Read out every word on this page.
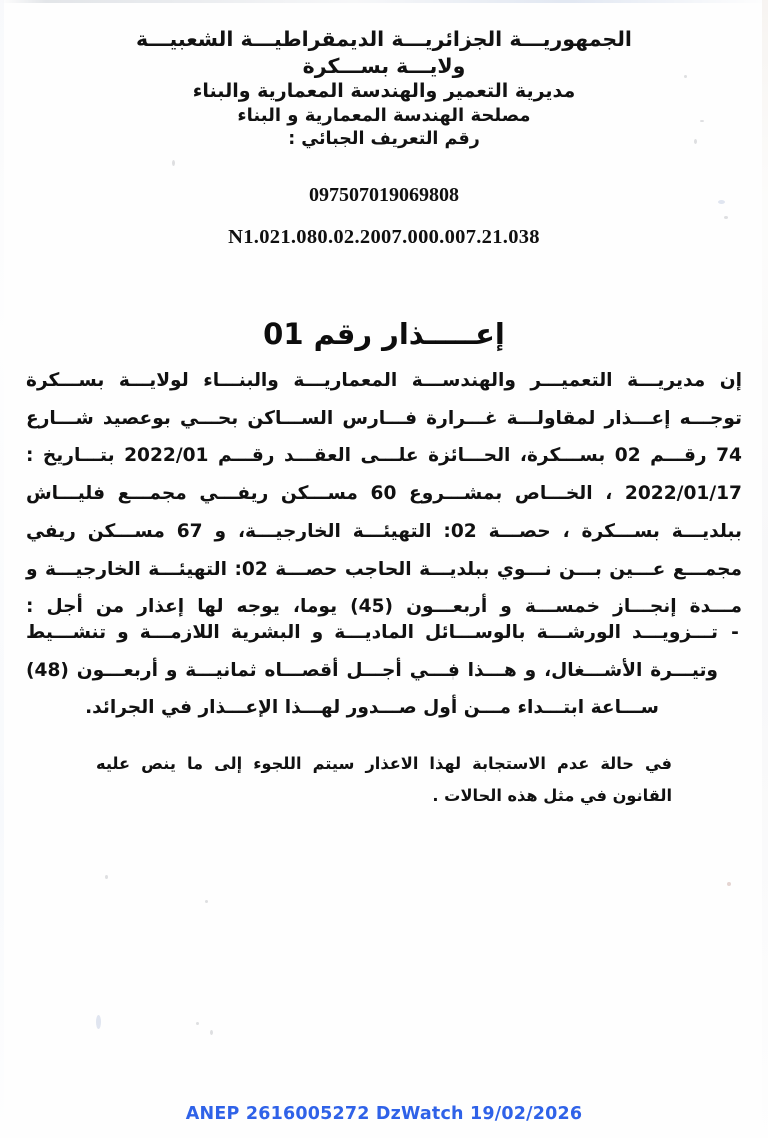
الجمهوريـــة الجزائريـــة الديمقراطيـــة الشعبيـــة
ولايـــة بســـكرة
مديرية التعمير والهندسة المعمارية والبناء
مصلحة الهندسة المعمارية و البناء
رقم التعريف الجبائي :
097507019069808
N1.021.080.02.2007.000.007.21.038
إعـــــذار رقم 01
إن مديريـــة التعميـــر والهندســـة المعماريـــة والبنـــاء لولايـــة بســـكرة توجـــه إعـــذار لمقاولـــة غـــرارة فـــارس الســـاكن بحـــي بوعصيد شـــارع 74 رقـــم 02 بســـكرة، الحـــائزة علـــى العقـــد رقـــم 2022/01 بتـــاريخ : 2022/01/17 ، الخـــاص بمشـــروع 60 مســـكن ريفـــي مجمـــع فليـــاش ببلديـــة بســـكرة ، حصـــة 02: التهيئـــة الخارجيـــة، و 67 مســـكن ريفي مجمـــع عـــين بـــن نـــوي ببلديـــة الحاجب حصـــة 02: التهيئـــة الخارجيـــة و مـــدة إنجـــاز خمســـة و أربعـــون (45) يوما، يوجه لها إعذار من أجل :
-
تـــزويـــد الورشـــة بالوســـائل الماديـــة و البشرية اللازمـــة و تنشـــيط وتيـــرة الأشـــغال، و هـــذا فـــي أجـــل أقصـــاه ثمانيـــة و أربعـــون (48) ســـاعة ابتـــداء مـــن أول صـــدور لهـــذا الإعـــذار في الجرائد.
في حالة عدم الاستجابة لهذا الاعذار سيتم اللجوء إلى ما ينص عليه القانون في مثل هذه الحالات .
ANEP 2616005272 DzWatch 19/02/2026
